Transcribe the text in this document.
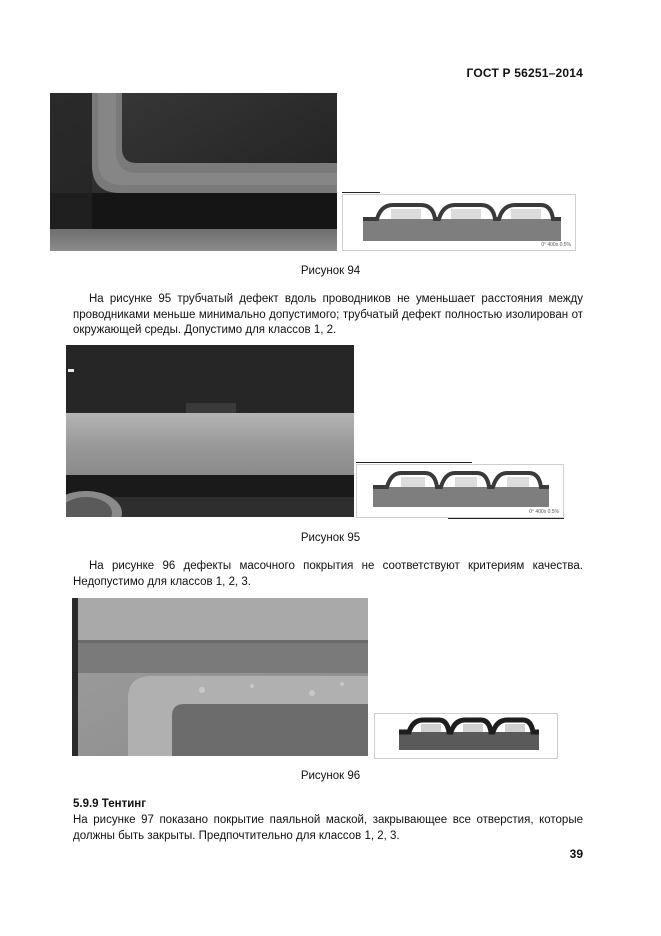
ГОСТ Р 56251–2014
0° 400x 0.5%
Рисунок 94
На рисунке 95 трубчатый дефект вдоль проводников не уменьшает расстояния между проводниками меньше минимально допустимого; трубчатый дефект полностью изолирован от окружающей среды. Допустимо для классов 1, 2.
0° 400x 0.5%
Рисунок 95
На рисунке 96 дефекты масочного покрытия не соответствуют критериям качества. Недопустимо для классов 1, 2, 3.
Рисунок 96
5.9.9 Тентинг
На рисунке 97 показано покрытие паяльной маской, закрывающее все отверстия, которые должны быть закрыты. Предпочтительно для классов 1, 2, 3.
39
